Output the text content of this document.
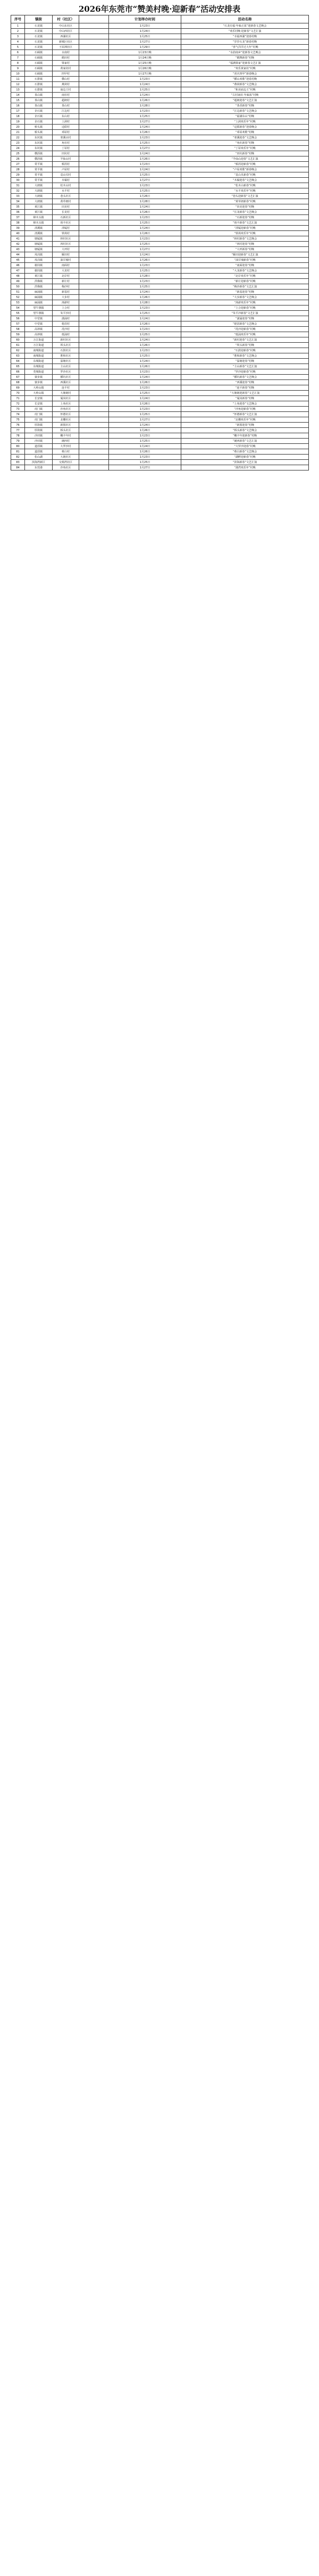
2026年东莞市“赞美村晚·迎新春”活动安排表
序号	镇街	村（社区）		计划举办时间	活动名称
1	石龙镇	中山东社区		1月23日	“石龙有福·年味正浓”迎新春文艺晚会
2	石龙镇	中山西社区		1月24日	“欢乐村晚·迎新春”文艺汇演
3	石龙镇	西湖社区		1月25日	“幸福西湖”迎春村晚
4	石龙镇	新城区社区		1月27日	“岁岁石龙”新春村晚
5	石龙镇	王屋洲社区		1月29日	“喜气洋洋过大年”村晚
6	石碣镇	水南村		1月23日晚	“水韵南乡”迎新春文艺晚会
7	石碣镇	鹤田村		1月24日晚	“鹤舞新春”村晚
8	石碣镇	梁家村		1月25日晚	“福满梁家”迎新春文艺汇演
9	石碣镇	黄家坊村		1月26日晚	“欢乐黄家坊”村晚
10	石碣镇	四甲村		1月27日晚	“喜庆四甲”新春晚会
11	石排镇	横山村		1月23日	“横山欢歌”迎春村晚
12	石排镇	燕窝村		1月24日	“燕窝新春”文艺晚会
13	石排镇	庙边王村		1月25日	“和美庙边王”村晚
14	茶山镇	南社村		1月24日	“古村南社·年味浓”村晚
15	茶山镇	超朗村		1月26日	“超朗迎春”文艺汇演
16	茶山镇	茶山村		1月28日	“茶香新春”村晚
17	企石镇	江边村		1月23日	“江边新春”文艺晚会
18	企石镇	东山村		1月25日	“福满东山”村晚
19	企石镇	上洞村		1月27日	“上洞欢乐年”村晚
20	桥头镇	迳联村		1月24日	“迳联新春”迎春晚会
21	桥头镇	邓屋村		1月26日	“邓屋欢歌”村晚
22	东坑镇	寒溪水村		1月23日	“寒溪迎春”文艺晚会
23	东坑镇	角社村		1月25日	“角社新春”村晚
24	东坑镇	丁屋村		1月27日	“丁屋欢乐年”村晚
25	横沥镇	田坑村		1月24日	“田坑新春”村晚
26	横沥镇	半仙山村		1月26日	“半仙山迎春”文艺汇演
27	常平镇	桥沥村		1月23日	“桥沥迎新春”村晚
28	常平镇	卢屋村		1月24日	“卢屋欢歌”新春晚会
29	常平镇	袁山贝村		1月25日	“袁山贝新春”村晚
30	常平镇	木棆村		1月27日	“木棆迎春”文艺晚会
31	大朗镇	松木山村		1月23日	“松木山新春”村晚
32	大朗镇	水平村		1月25日	“水平欢乐年”村晚
33	大朗镇	巷头社区		1月26日	“巷头迎新春”文艺汇演
34	大朗镇	黄草朗村		1月28日	“黄草朗新春”村晚
35	黄江镇	田美村		1月24日	“田美迎春”村晚
36	黄江镇	长龙村		1月26日	“长龙新春”文艺晚会
37	樟木头镇	石新社区		1月23日	“石新迎春”村晚
38	樟木头镇	裕丰社区		1月25日	“裕丰新春”文艺汇演
39	清溪镇	清厦村		1月24日	“清厦迎新春”村晚
40	清溪镇	铁场村		1月26日	“铁场欢乐年”村晚
41	塘厦镇	林村社区		1月23日	“林村新春”文艺晚会
42	塘厦镇	四村社区		1月25日	“四村迎春”村晚
43	塘厦镇	大坪村		1月27日	“大坪新春”村晚
44	凤岗镇	雁田村		1月24日	“雁田迎新春”文艺汇演
45	凤岗镇	油甘埔村		1月26日	“油甘埔新春”村晚
46	谢岗镇	南面村		1月23日	“南面迎春”村晚
47	谢岗镇	大龙村		1月25日	“大龙新春”文艺晚会
48	黄江镇	北岸村		1月28日	“北岸欢乐年”村晚
49	洪梅镇	新庄村		1月23日	“新庄迎新春”村晚
50	洪梅镇	梅沙村		1月25日	“梅沙新春”文艺汇演
51	麻涌镇	新基村		1月24日	“新基迎春”村晚
52	麻涌镇	大步村		1月26日	“大步新春”文艺晚会
53	麻涌镇	漳澎村		1月28日	“漳澎欢乐年”村晚
54	望牛墩镇	上合村		1月23日	“上合迎新春”村晚
55	望牛墩镇	朱平沙村		1月25日	“朱平沙新春”文艺汇演
56	中堂镇	潢涌村		1月24日	“潢涌迎春”村晚
57	中堂镇	槎滘村		1月26日	“槎滘新春”文艺晚会
58	高埗镇	冼沙村		1月23日	“冼沙迎新春”村晚
59	高埗镇	低涌村		1月25日	“低涌欢乐年”村晚
60	万江街道	新村社区		1月24日	“新村迎春”文艺汇演
61	万江街道	坝头社区		1月26日	“坝头新春”村晚
62	南城街道	石鼓社区		1月23日	“石鼓迎新春”村晚
63	南城街道	胜和社区		1月25日	“胜和新春”文艺晚会
64	东城街道	温塘社区		1月24日	“温塘迎春”村晚
65	东城街道	主山社区		1月26日	“主山新春”文艺汇演
66	莞城街道	罗沙社区		1月23日	“罗沙迎新春”村晚
67	寮步镇	横坑社区		1月24日	“横坑新春”文艺晚会
68	寮步镇	西溪社区		1月26日	“西溪迎春”村晚
69	大岭山镇	连平村		1月23日	“连平新春”村晚
70	大岭山镇	大塘朗村		1月25日	“大塘朗迎新春”文艺汇演
71	长安镇	厦岗社区		1月24日	“厦岗新春”村晚
72	长安镇	上角社区		1月26日	“上角迎春”文艺晚会
73	虎门镇	沙角社区		1月23日	“沙角迎新春”村晚
74	虎门镇	怀德社区		1月25日	“怀德新春”文艺汇演
75	虎门镇	北栅社区		1月27日	“北栅欢乐年”村晚
76	厚街镇	新围社区		1月24日	“新围迎春”村晚
77	厚街镇	桥头社区		1月26日	“桥头新春”文艺晚会
78	沙田镇	穗丰年村		1月23日	“穗丰年迎新春”村晚
79	沙田镇	阇西村		1月25日	“阇西新春”文艺汇演
80	道滘镇	大罗沙村		1月24日	“大罗沙迎春”村晚
81	道滘镇	蔡白村		1月26日	“蔡白新春”文艺晚会
82	松山湖	大朗社区		1月23日	“湖畔迎新春”村晚
83	滨海湾新区	交椅湾社区		1月25日	“滨海新春”文艺汇演
84	东莞港	沙角社区		1月27日	“港湾欢乐年”村晚
